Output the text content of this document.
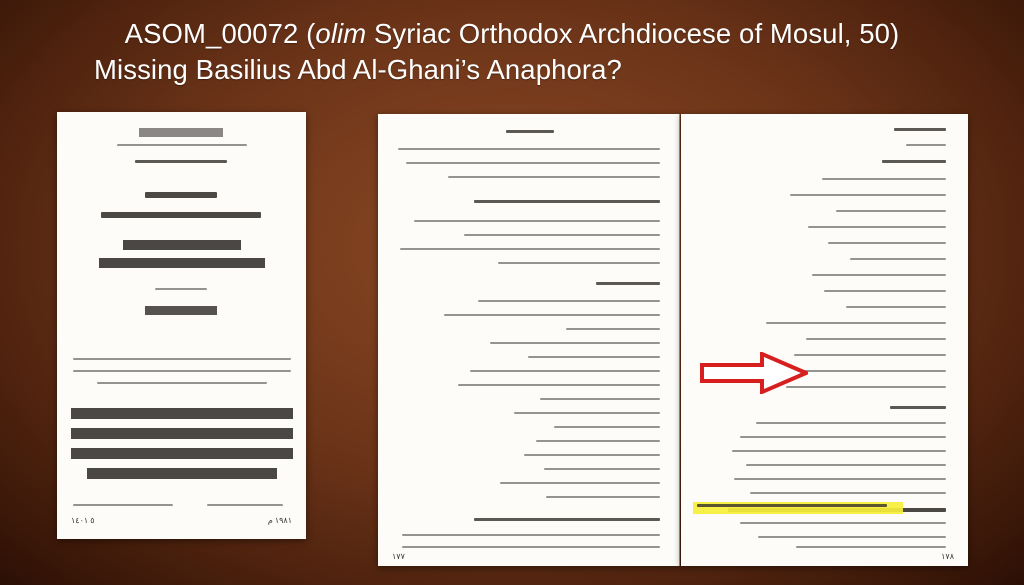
ASOM_00072 (olim Syriac Orthodox Archdiocese of Mosul, 50)
Missing Basilius Abd Al-Ghani’s Anaphora?
٥ ١٤٠١	١٩٨١ م
١٧٧	١٧٨
